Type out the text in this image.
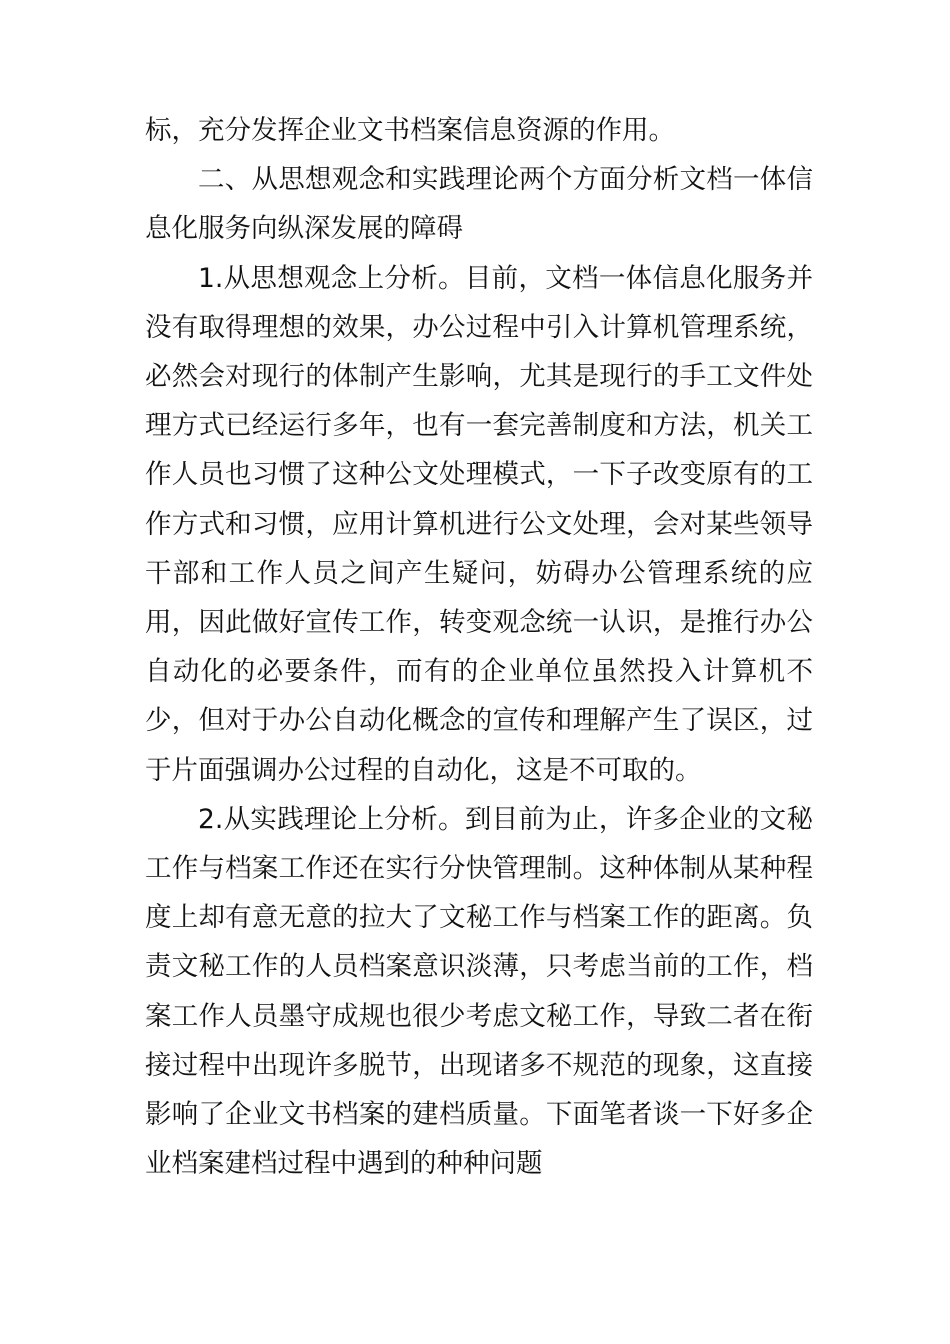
标，充分发挥企业文书档案信息资源的作用。

二、从思想观念和实践理论两个方面分析文档一体信息化服务向纵深发展的障碍

1.从思想观念上分析。目前，文档一体信息化服务并没有取得理想的效果，办公过程中引入计算机管理系统，必然会对现行的体制产生影响，尤其是现行的手工文件处理方式已经运行多年，也有一套完善制度和方法，机关工作人员也习惯了这种公文处理模式，一下子改变原有的工作方式和习惯，应用计算机进行公文处理，会对某些领导干部和工作人员之间产生疑问，妨碍办公管理系统的应用，因此做好宣传工作，转变观念统一认识，是推行办公自动化的必要条件，而有的企业单位虽然投入计算机不少，但对于办公自动化概念的宣传和理解产生了误区，过于片面强调办公过程的自动化，这是不可取的。

2.从实践理论上分析。到目前为止，许多企业的文秘工作与档案工作还在实行分快管理制。这种体制从某种程度上却有意无意的拉大了文秘工作与档案工作的距离。负责文秘工作的人员档案意识淡薄，只考虑当前的工作，档案工作人员墨守成规也很少考虑文秘工作，导致二者在衔接过程中出现许多脱节，出现诸多不规范的现象，这直接影响了企业文书档案的建档质量。下面笔者谈一下好多企业档案建档过程中遇到的种种问题
